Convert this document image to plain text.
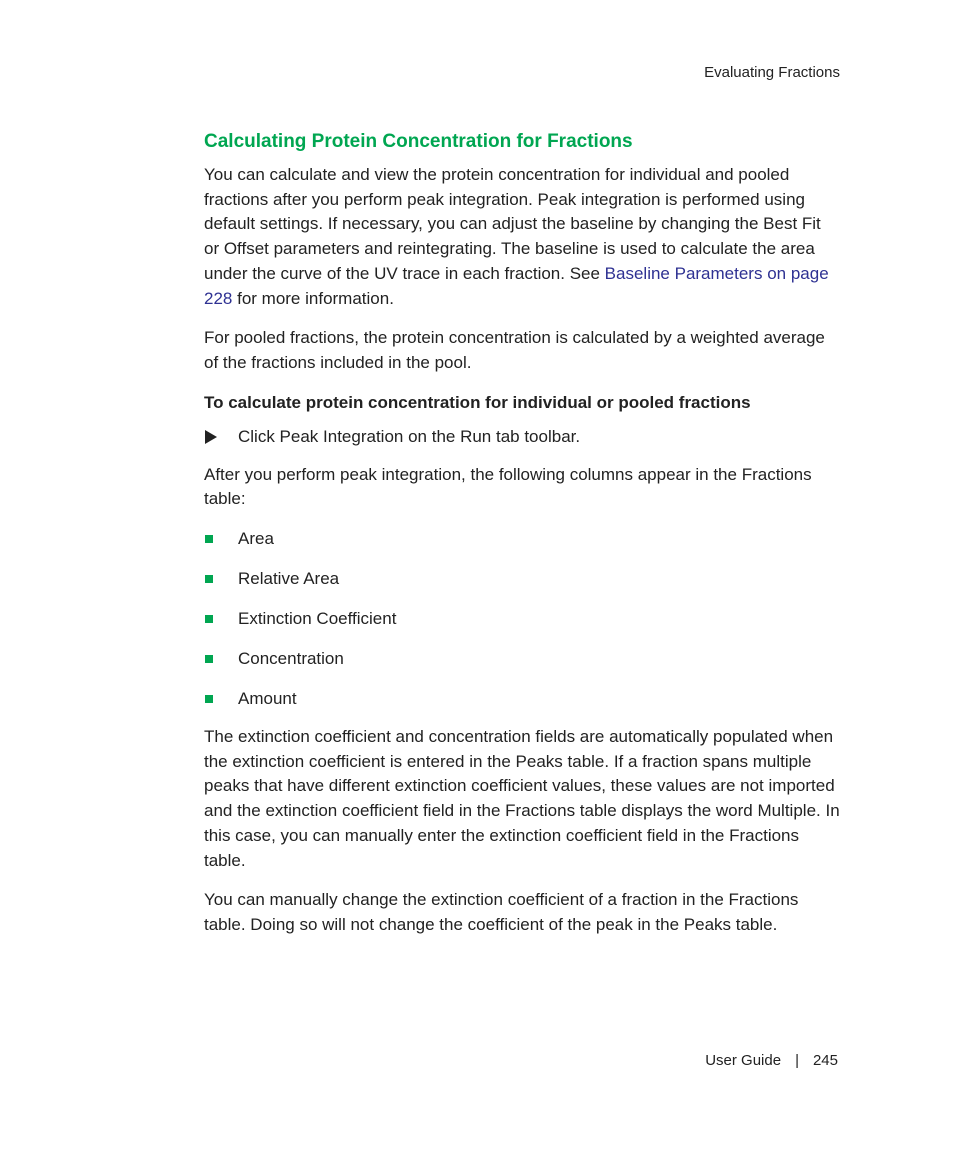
Evaluating Fractions
Calculating Protein Concentration for Fractions

You can calculate and view the protein concentration for individual and pooled fractions after you perform peak integration. Peak integration is performed using default settings. If necessary, you can adjust the baseline by changing the Best Fit or Offset parameters and reintegrating. The baseline is used to calculate the area under the curve of the UV trace in each fraction. See Baseline Parameters on page 228 for more information.

For pooled fractions, the protein concentration is calculated by a weighted average of the fractions included in the pool.

To calculate protein concentration for individual or pooled fractions
Click Peak Integration on the Run tab toolbar.

After you perform peak integration, the following columns appear in the Fractions table:

Area
Relative Area
Extinction Coefficient
Concentration
Amount

The extinction coefficient and concentration fields are automatically populated when the extinction coefficient is entered in the Peaks table. If a fraction spans multiple peaks that have different extinction coefficient values, these values are not imported and the extinction coefficient field in the Fractions table displays the word Multiple. In this case, you can manually enter the extinction coefficient field in the Fractions table.

You can manually change the extinction coefficient of a fraction in the Fractions table. Doing so will not change the coefficient of the peak in the Peaks table.

User Guide | 245
